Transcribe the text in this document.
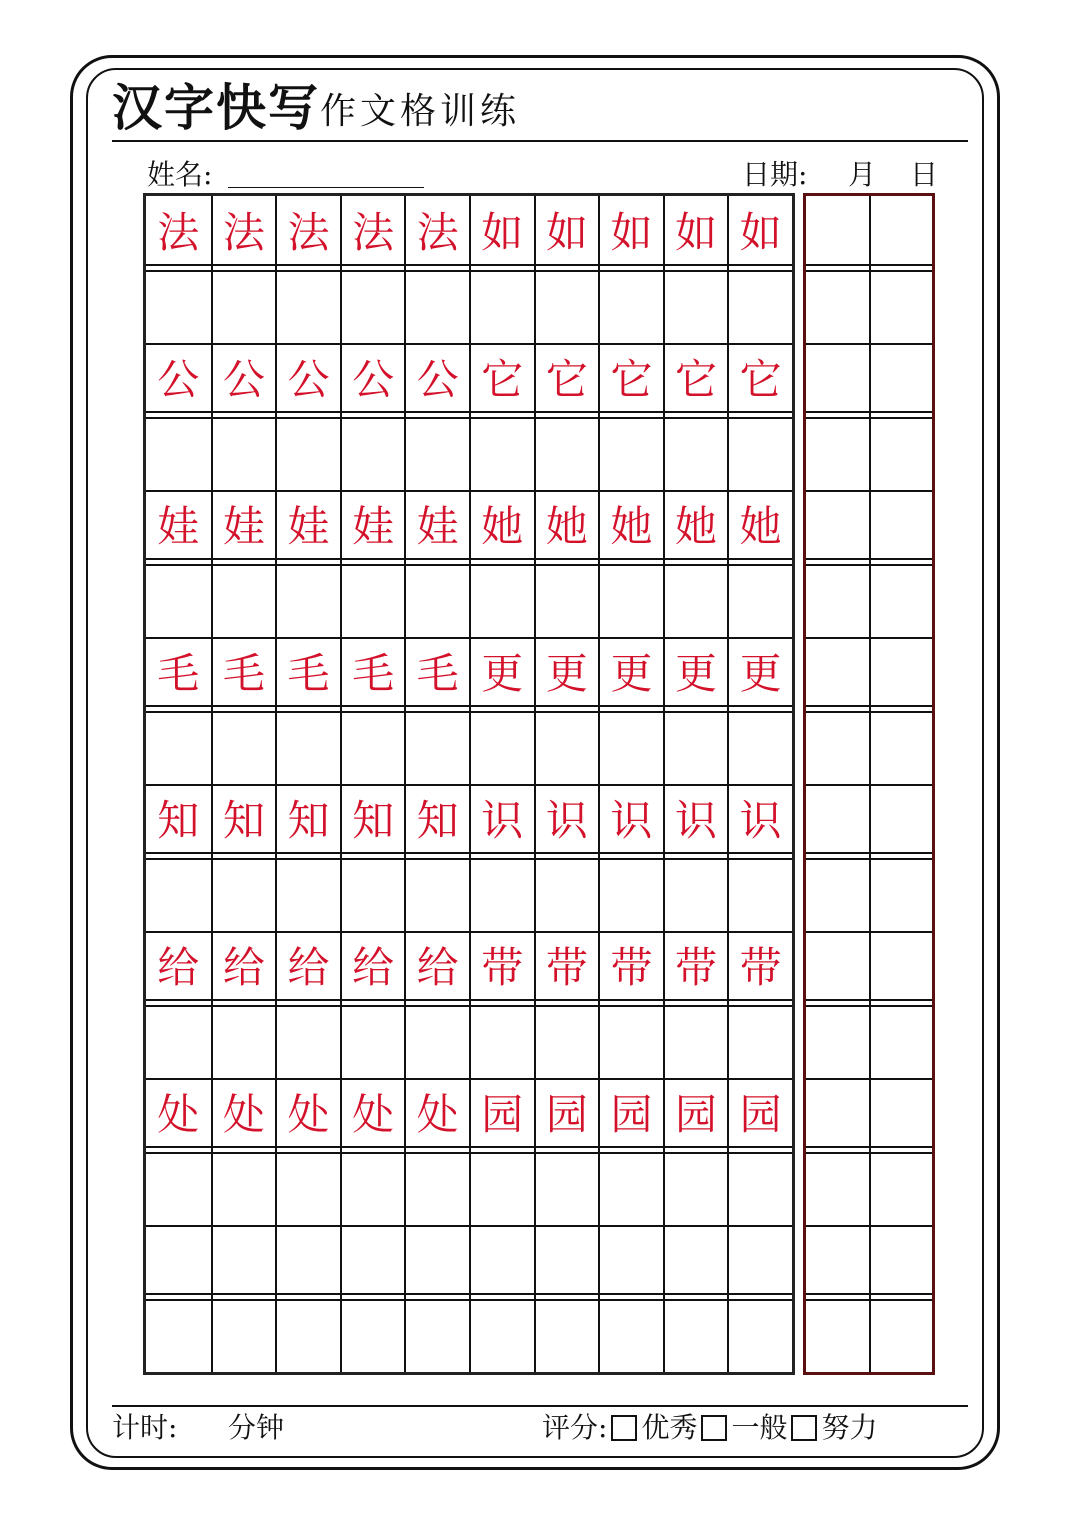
汉字快写 作文格训练
姓名:	日期: 月 日
法 法 法 法 法 如 如 如 如 如
公 公 公 公 公 它 它 它 它 它
娃 娃 娃 娃 娃 她 她 她 她 她
毛 毛 毛 毛 毛 更 更 更 更 更
知 知 知 知 知 识 识 识 识 识
给 给 给 给 给 带 带 带 带 带
处 处 处 处 处 园 园 园 园 园
计时: 分钟	评分: 优秀 一般 努力
